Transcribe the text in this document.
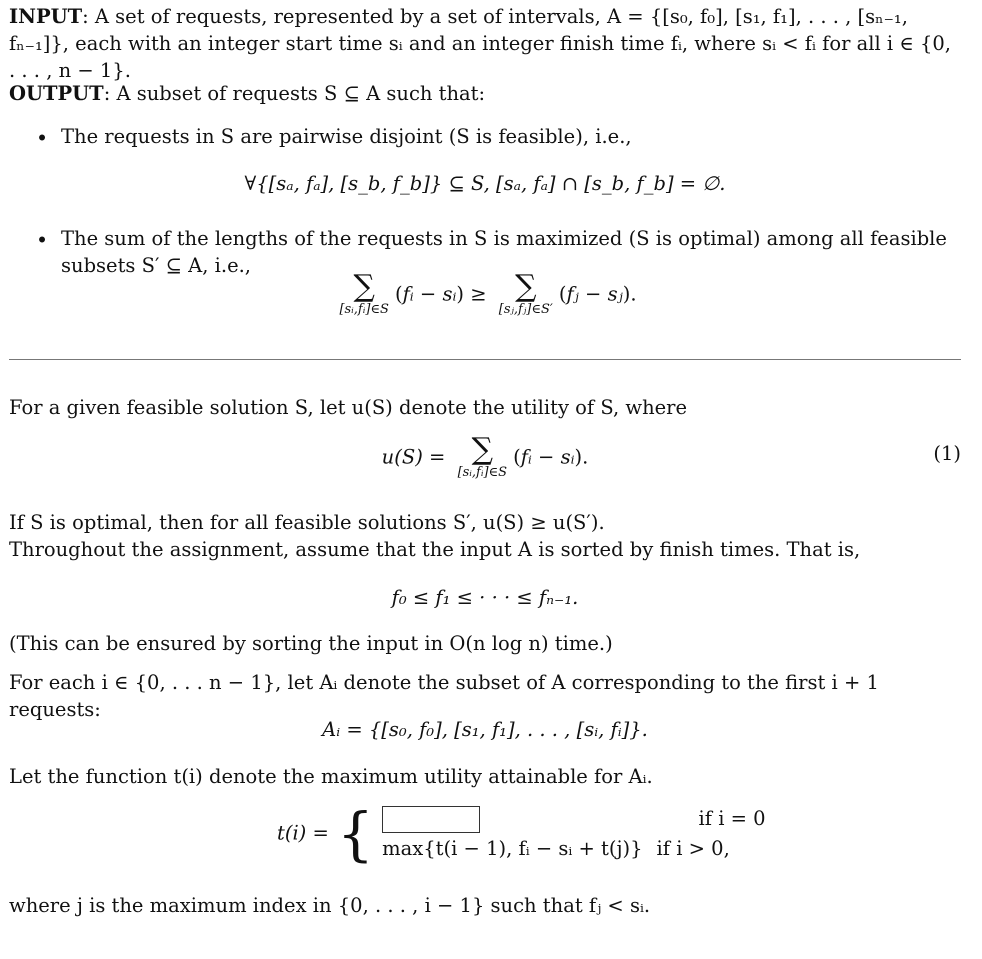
INPUT: A set of requests, represented by a set of intervals, A = {[s₀, f₀], [s₁, f₁], . . . , [sₙ₋₁, fₙ₋₁]}, each with an integer start time sᵢ and an integer finish time fᵢ, where sᵢ < fᵢ for all i ∈ {0, . . . , n − 1}.

OUTPUT: A subset of requests S ⊆ A such that:

• The requests in S are pairwise disjoint (S is feasible), i.e.,

∀{[sₐ, fₐ], [s_b, f_b]} ⊆ S, [sₐ, fₐ] ∩ [s_b, f_b] = ∅.

• The sum of the lengths of the requests in S is maximized (S is optimal) among all feasible subsets S′ ⊆ A, i.e.,

∑
[sᵢ,fᵢ]∈S
(fᵢ − sᵢ) ≥ ∑
[sⱼ,fⱼ]∈S′
(fⱼ − sⱼ).

For a given feasible solution S, let u(S) denote the utility of S, where

u(S) = ∑
[sᵢ,fᵢ]∈S
(fᵢ − sᵢ).	(1)

If S is optimal, then for all feasible solutions S′, u(S) ≥ u(S′).

Throughout the assignment, assume that the input A is sorted by finish times. That is,

f₀ ≤ f₁ ≤ · · · ≤ fₙ₋₁.

(This can be ensured by sorting the input in O(n log n) time.)

For each i ∈ {0, . . . n − 1}, let Aᵢ denote the subset of A corresponding to the first i + 1 requests:

Aᵢ = {[s₀, f₀], [s₁, f₁], . . . , [sᵢ, fᵢ]}.

Let the function t(i) denote the maximum utility attainable for Aᵢ.

t(i) = {		if i = 0
max{t(i − 1), fᵢ − sᵢ + t(j)}	if i > 0,

where j is the maximum index in {0, . . . , i − 1} such that fⱼ < sᵢ.
